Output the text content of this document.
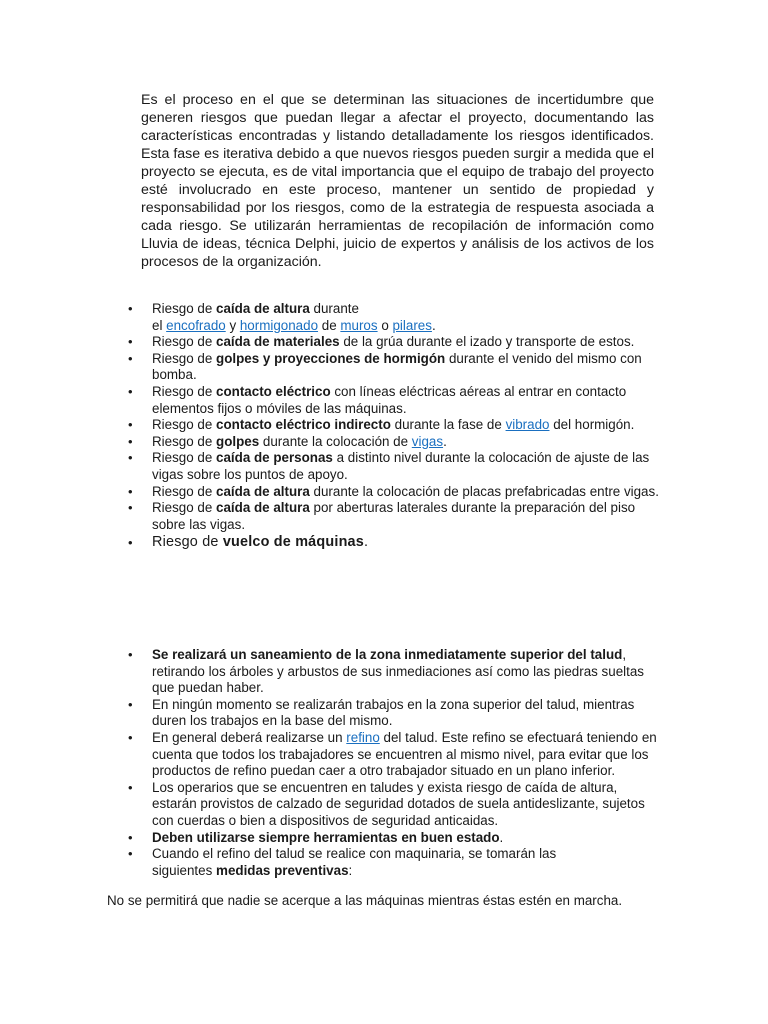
Es el proceso en el que se determinan las situaciones de incertidumbre que generen riesgos que puedan llegar a afectar el proyecto, documentando las características encontradas y listando detalladamente los riesgos identificados. Esta fase es iterativa debido a que nuevos riesgos pueden surgir a medida que el proyecto se ejecuta, es de vital importancia que el equipo de trabajo del proyecto esté involucrado en este proceso, mantener un sentido de propiedad y responsabilidad por los riesgos, como de la estrategia de respuesta asociada a cada riesgo. Se utilizarán herramientas de recopilación de información como Lluvia de ideas, técnica Delphi, juicio de expertos y análisis de los activos de los procesos de la organización.

• Riesgo de caída de altura durante
el encofrado y hormigonado de muros o pilares.
• Riesgo de caída de materiales de la grúa durante el izado y transporte de estos.
• Riesgo de golpes y proyecciones de hormigón durante el venido del mismo con bomba.
• Riesgo de contacto eléctrico con líneas eléctricas aéreas al entrar en contacto elementos fijos o móviles de las máquinas.
• Riesgo de contacto eléctrico indirecto durante la fase de vibrado del hormigón.
• Riesgo de golpes durante la colocación de vigas.
• Riesgo de caída de personas a distinto nivel durante la colocación de ajuste de las vigas sobre los puntos de apoyo.
• Riesgo de caída de altura durante la colocación de placas prefabricadas entre vigas.
• Riesgo de caída de altura por aberturas laterales durante la preparación del piso sobre las vigas.
• Riesgo de vuelco de máquinas.
• Se realizará un saneamiento de la zona inmediatamente superior del talud, retirando los árboles y arbustos de sus inmediaciones así como las piedras sueltas que puedan haber.
• En ningún momento se realizarán trabajos en la zona superior del talud, mientras duren los trabajos en la base del mismo.
• En general deberá realizarse un refino del talud. Este refino se efectuará teniendo en cuenta que todos los trabajadores se encuentren al mismo nivel, para evitar que los productos de refino puedan caer a otro trabajador situado en un plano inferior.
• Los operarios que se encuentren en taludes y exista riesgo de caída de altura, estarán provistos de calzado de seguridad dotados de suela antideslizante, sujetos con cuerdas o bien a dispositivos de seguridad anticaidas.
• Deben utilizarse siempre herramientas en buen estado.
• Cuando el refino del talud se realice con maquinaria, se tomarán las
siguientes medidas preventivas:

No se permitirá que nadie se acerque a las máquinas mientras éstas estén en marcha.
